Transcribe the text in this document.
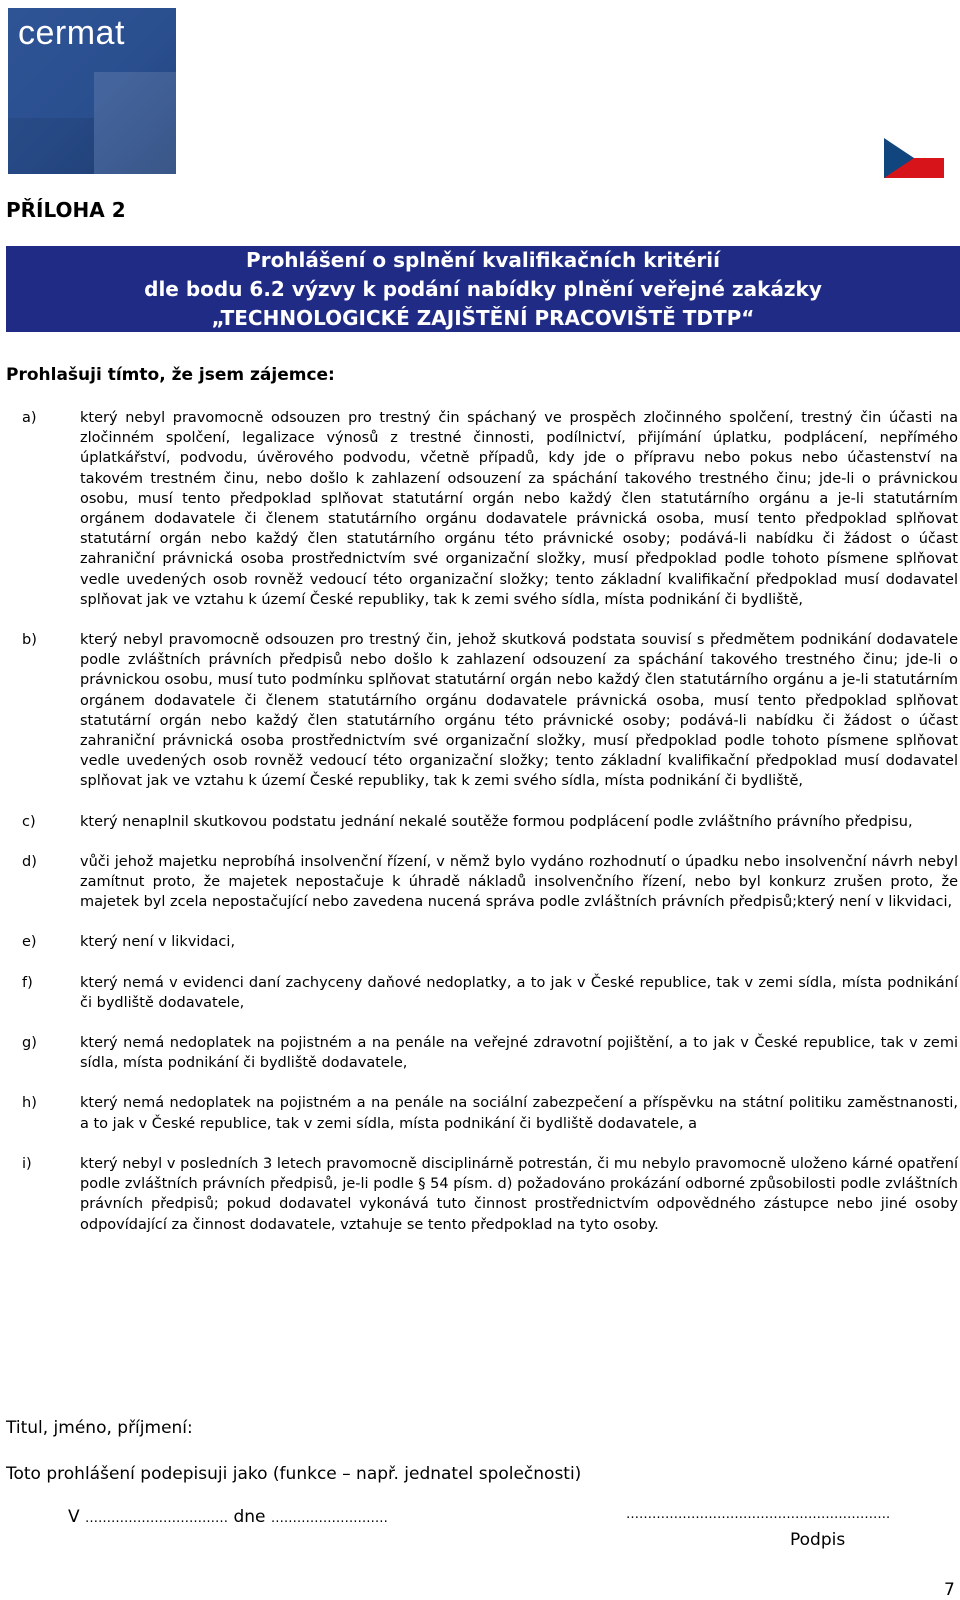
cermat
PŘÍLOHA 2
Prohlášení o splnění kvalifikačních kritérií
dle bodu 6.2 výzvy k podání nabídky plnění veřejné zakázky
„TECHNOLOGICKÉ ZAJIŠTĚNÍ PRACOVIŠTĚ TDTP“
Prohlašuji tímto, že jsem zájemce:
a)	který nebyl pravomocně odsouzen pro trestný čin spáchaný ve prospěch zločinného spolčení, trestný čin účasti na zločinném spolčení, legalizace výnosů z trestné činnosti, podílnictví, přijímání úplatku, podplácení, nepřímého úplatkářství, podvodu, úvěrového podvodu, včetně případů, kdy jde o přípravu nebo pokus nebo účastenství na takovém trestném činu, nebo došlo k zahlazení odsouzení za spáchání takového trestného činu; jde-li o právnickou osobu, musí tento předpoklad splňovat statutární orgán nebo každý člen statutárního orgánu a je-li statutárním orgánem dodavatele či členem statutárního orgánu dodavatele právnická osoba, musí tento předpoklad splňovat statutární orgán nebo každý člen statutárního orgánu této právnické osoby; podává-li nabídku či žádost o účast zahraniční právnická osoba prostřednictvím své organizační složky, musí předpoklad podle tohoto písmene splňovat vedle uvedených osob rovněž vedoucí této organizační složky; tento základní kvalifikační předpoklad musí dodavatel splňovat jak ve vztahu k území České republiky, tak k zemi svého sídla, místa podnikání či bydliště,
b)	který nebyl pravomocně odsouzen pro trestný čin, jehož skutková podstata souvisí s předmětem podnikání dodavatele podle zvláštních právních předpisů nebo došlo k zahlazení odsouzení za spáchání takového trestného činu; jde-li o právnickou osobu, musí tuto podmínku splňovat statutární orgán nebo každý člen statutárního orgánu a je-li statutárním orgánem dodavatele či členem statutárního orgánu dodavatele právnická osoba, musí tento předpoklad splňovat statutární orgán nebo každý člen statutárního orgánu této právnické osoby; podává-li nabídku či žádost o účast zahraniční právnická osoba prostřednictvím své organizační složky, musí předpoklad podle tohoto písmene splňovat vedle uvedených osob rovněž vedoucí této organizační složky; tento základní kvalifikační předpoklad musí dodavatel splňovat jak ve vztahu k území České republiky, tak k zemi svého sídla, místa podnikání či bydliště,
c)	který nenaplnil skutkovou podstatu jednání nekalé soutěže formou podplácení podle zvláštního právního předpisu,
d)	vůči jehož majetku neprobíhá insolvenční řízení, v němž bylo vydáno rozhodnutí o úpadku nebo insolvenční návrh nebyl zamítnut proto, že majetek nepostačuje k úhradě nákladů insolvenčního řízení, nebo byl konkurz zrušen proto, že majetek byl zcela nepostačující nebo zavedena nucená správa podle zvláštních právních předpisů;který není v likvidaci,
e)	který není v likvidaci,
f)	který nemá v evidenci daní zachyceny daňové nedoplatky, a to jak v České republice, tak v zemi sídla, místa podnikání či bydliště dodavatele,
g)	který nemá nedoplatek na pojistném a na penále na veřejné zdravotní pojištění, a to jak v České republice, tak v zemi sídla, místa podnikání či bydliště dodavatele,
h)	který nemá nedoplatek na pojistném a na penále na sociální zabezpečení a příspěvku na státní politiku zaměstnanosti, a to jak v České republice, tak v zemi sídla, místa podnikání či bydliště dodavatele, a
i)	který nebyl v posledních 3 letech pravomocně disciplinárně potrestán, či mu nebylo pravomocně uloženo kárné opatření podle zvláštních právních předpisů, je-li podle § 54 písm. d) požadováno prokázání odborné způsobilosti podle zvláštních právních předpisů; pokud dodavatel vykonává tuto činnost prostřednictvím odpovědného zástupce nebo jiné osoby odpovídající za činnost dodavatele, vztahuje se tento předpoklad na tyto osoby.
Titul, jméno, příjmení:
Toto prohlášení podepisuji jako (funkce – např. jednatel společnosti)
V …………………………… dne ………………………	…………………………………………………….
Podpis
7
